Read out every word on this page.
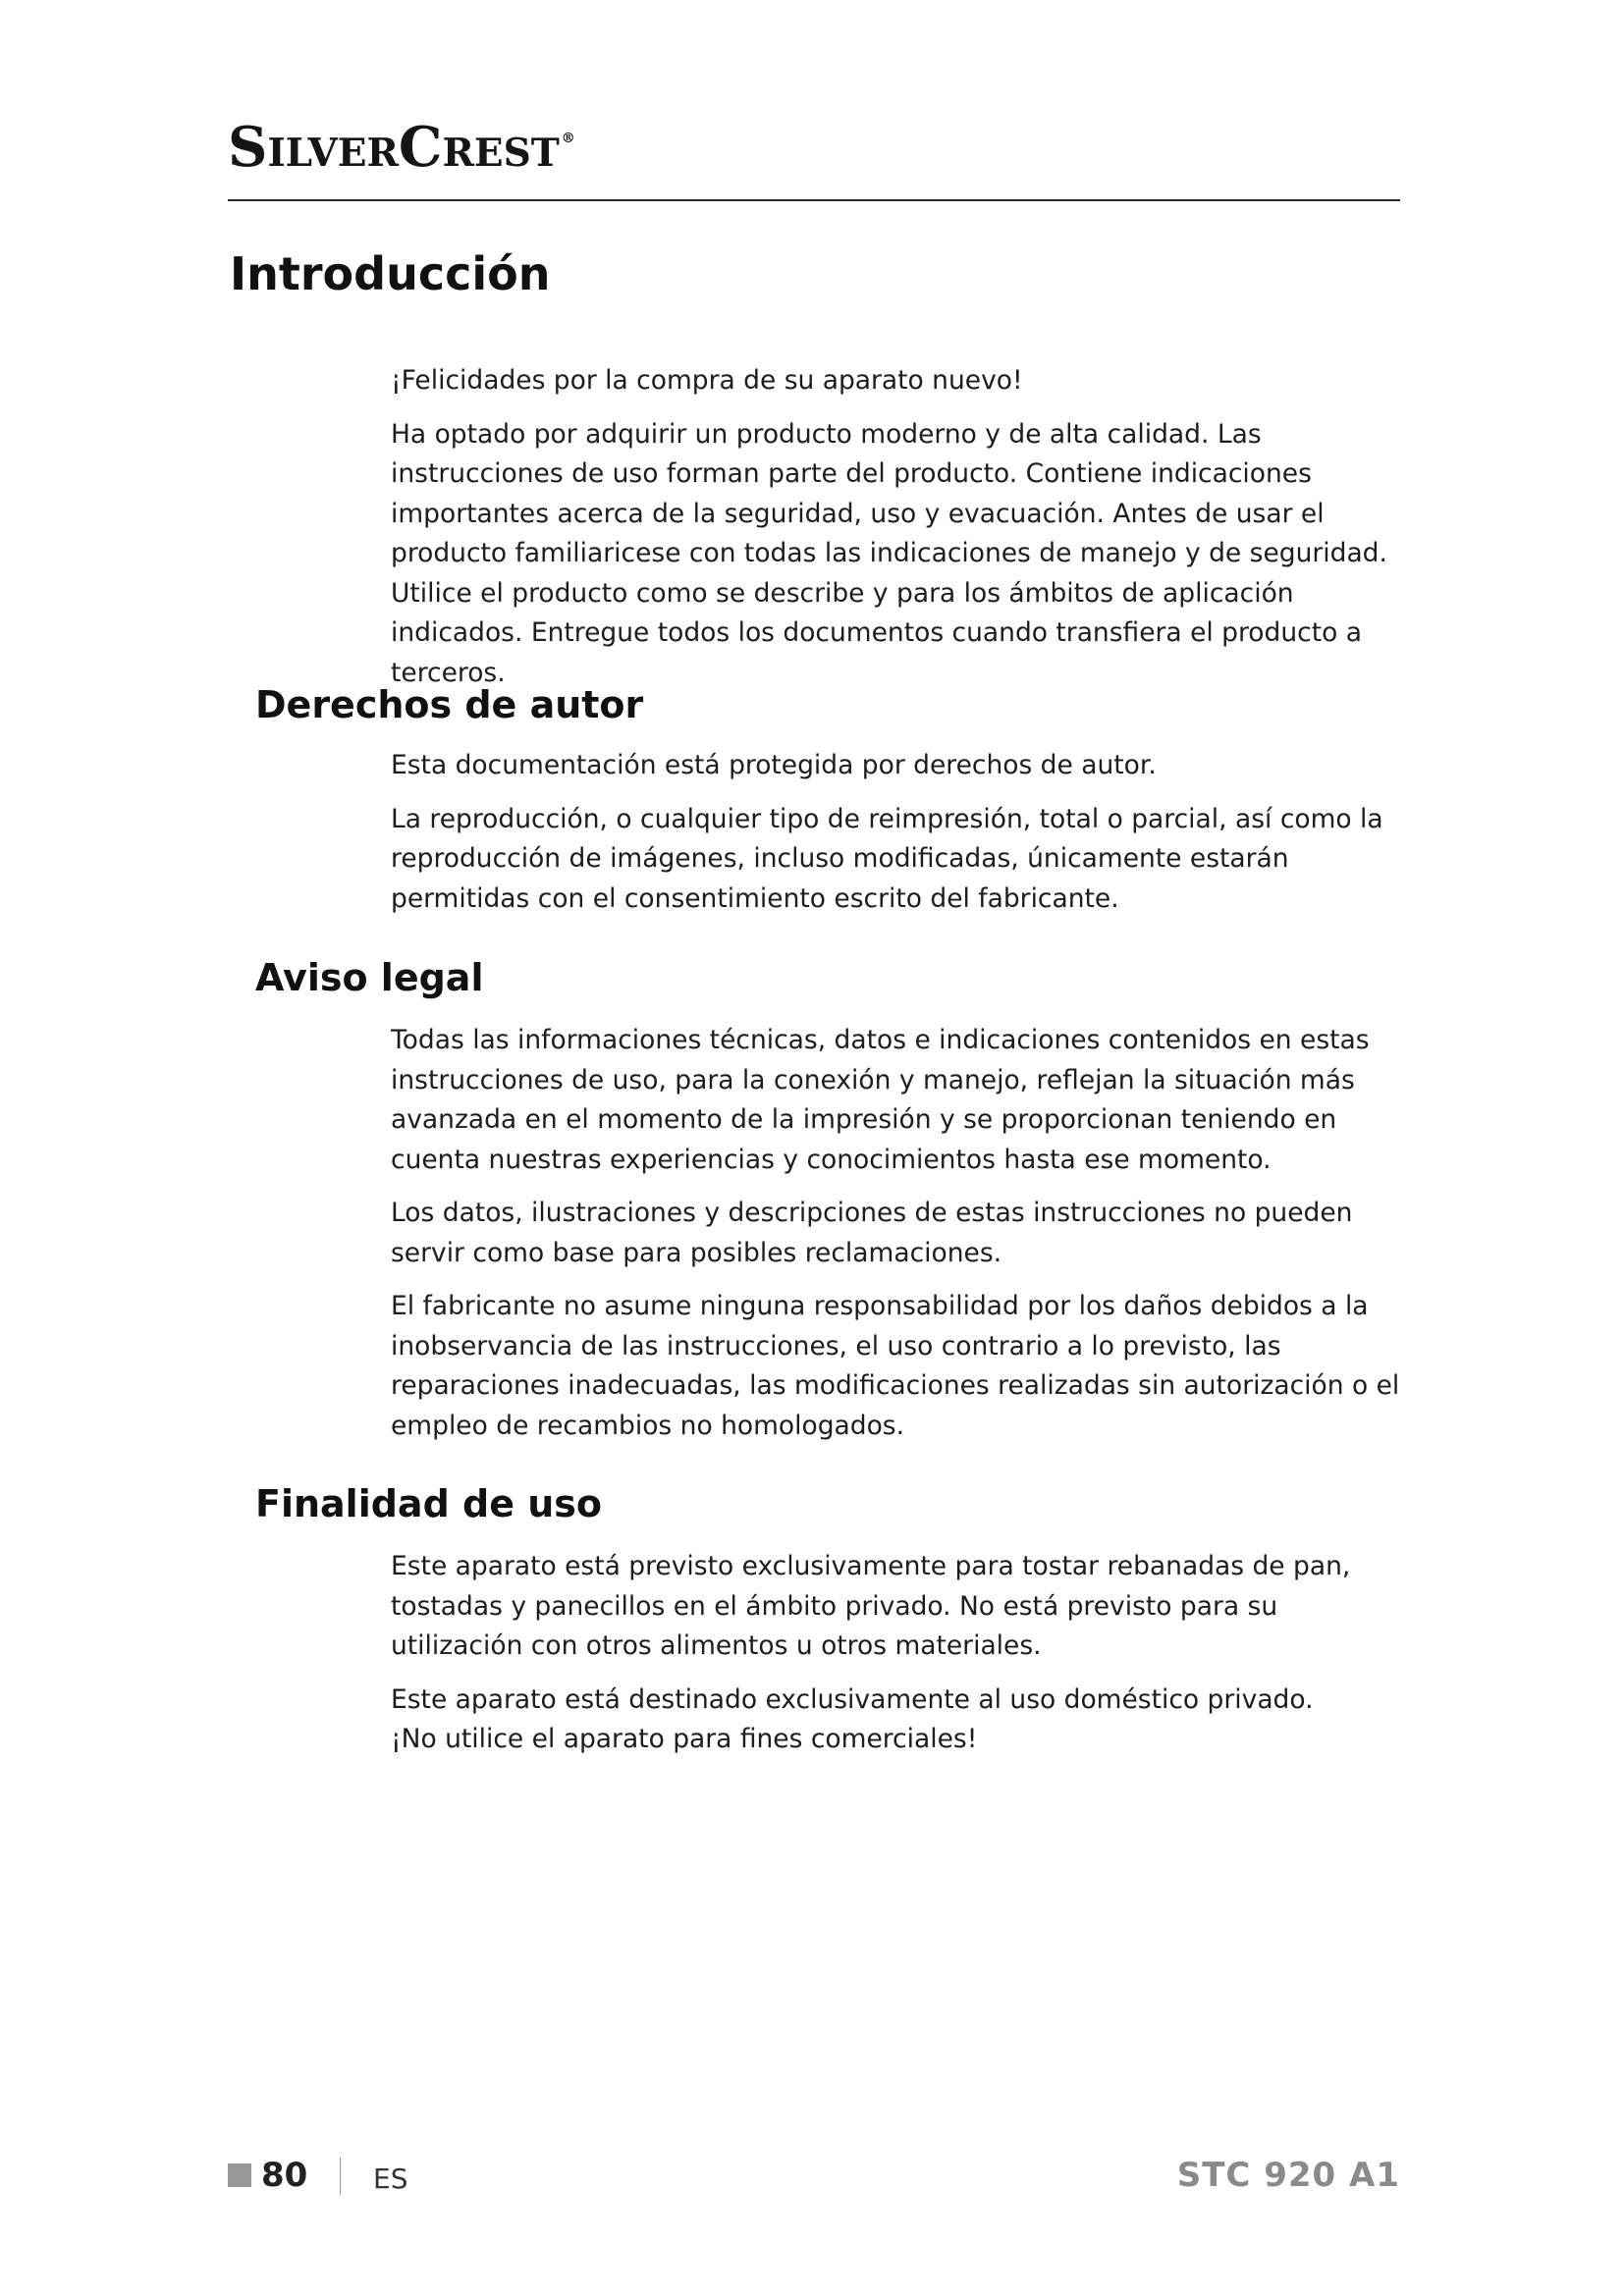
SilverCrest ®
Introducción

¡Felicidades por la compra de su aparato nuevo!

Ha optado por adquirir un producto moderno y de alta calidad. Las instrucciones de uso forman parte del producto. Contiene indicaciones importantes acerca de la seguridad, uso y evacuación. Antes de usar el producto familiaricese con todas las indicaciones de manejo y de seguridad. Utilice el producto como se describe y para los ámbitos de aplicación indicados. Entregue todos los documentos cuando transfiera el producto a terceros.

Derechos de autor

Esta documentación está protegida por derechos de autor.

La reproducción, o cualquier tipo de reimpresión, total o parcial, así como la reproducción de imágenes, incluso modificadas, únicamente estarán permitidas con el consentimiento escrito del fabricante.

Aviso legal

Todas las informaciones técnicas, datos e indicaciones contenidos en estas instrucciones de uso, para la conexión y manejo, reflejan la situación más avanzada en el momento de la impresión y se proporcionan teniendo en cuenta nuestras experiencias y conocimientos hasta ese momento.

Los datos, ilustraciones y descripciones de estas instrucciones no pueden servir como base para posibles reclamaciones.

El fabricante no asume ninguna responsabilidad por los daños debidos a la inobservancia de las instrucciones, el uso contrario a lo previsto, las reparaciones inadecuadas, las modificaciones realizadas sin autorización o el empleo de recambios no homologados.

Finalidad de uso

Este aparato está previsto exclusivamente para tostar rebanadas de pan, tostadas y panecillos en el ámbito privado. No está previsto para su utilización con otros alimentos u otros materiales.

Este aparato está destinado exclusivamente al uso doméstico privado.
¡No utilice el aparato para fines comerciales!

80 ES	STC 920 A1
